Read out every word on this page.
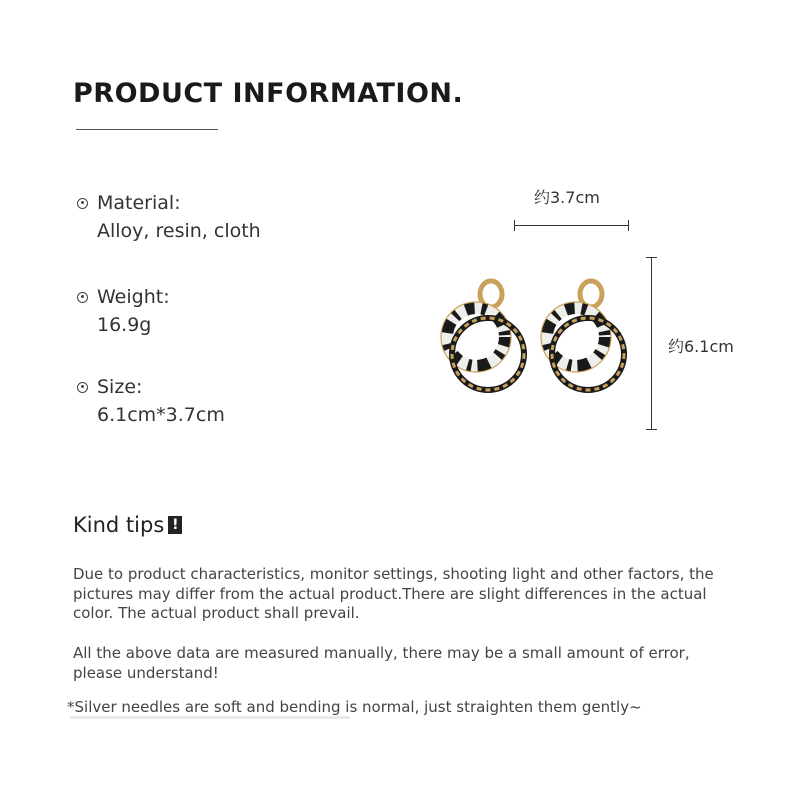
PRODUCT INFORMATION.
Material:
Alloy, resin, cloth
Weight:
16.9g
Size:
6.1cm*3.7cm
约3.7cm
约6.1cm
Kind tips !

Due to product characteristics, monitor settings, shooting light and other factors, the pictures may differ from the actual product.There are slight differences in the actual color. The actual product shall prevail.

All the above data are measured manually, there may be a small amount of error, please understand!

*Silver needles are soft and bending is normal, just straighten them gently~
